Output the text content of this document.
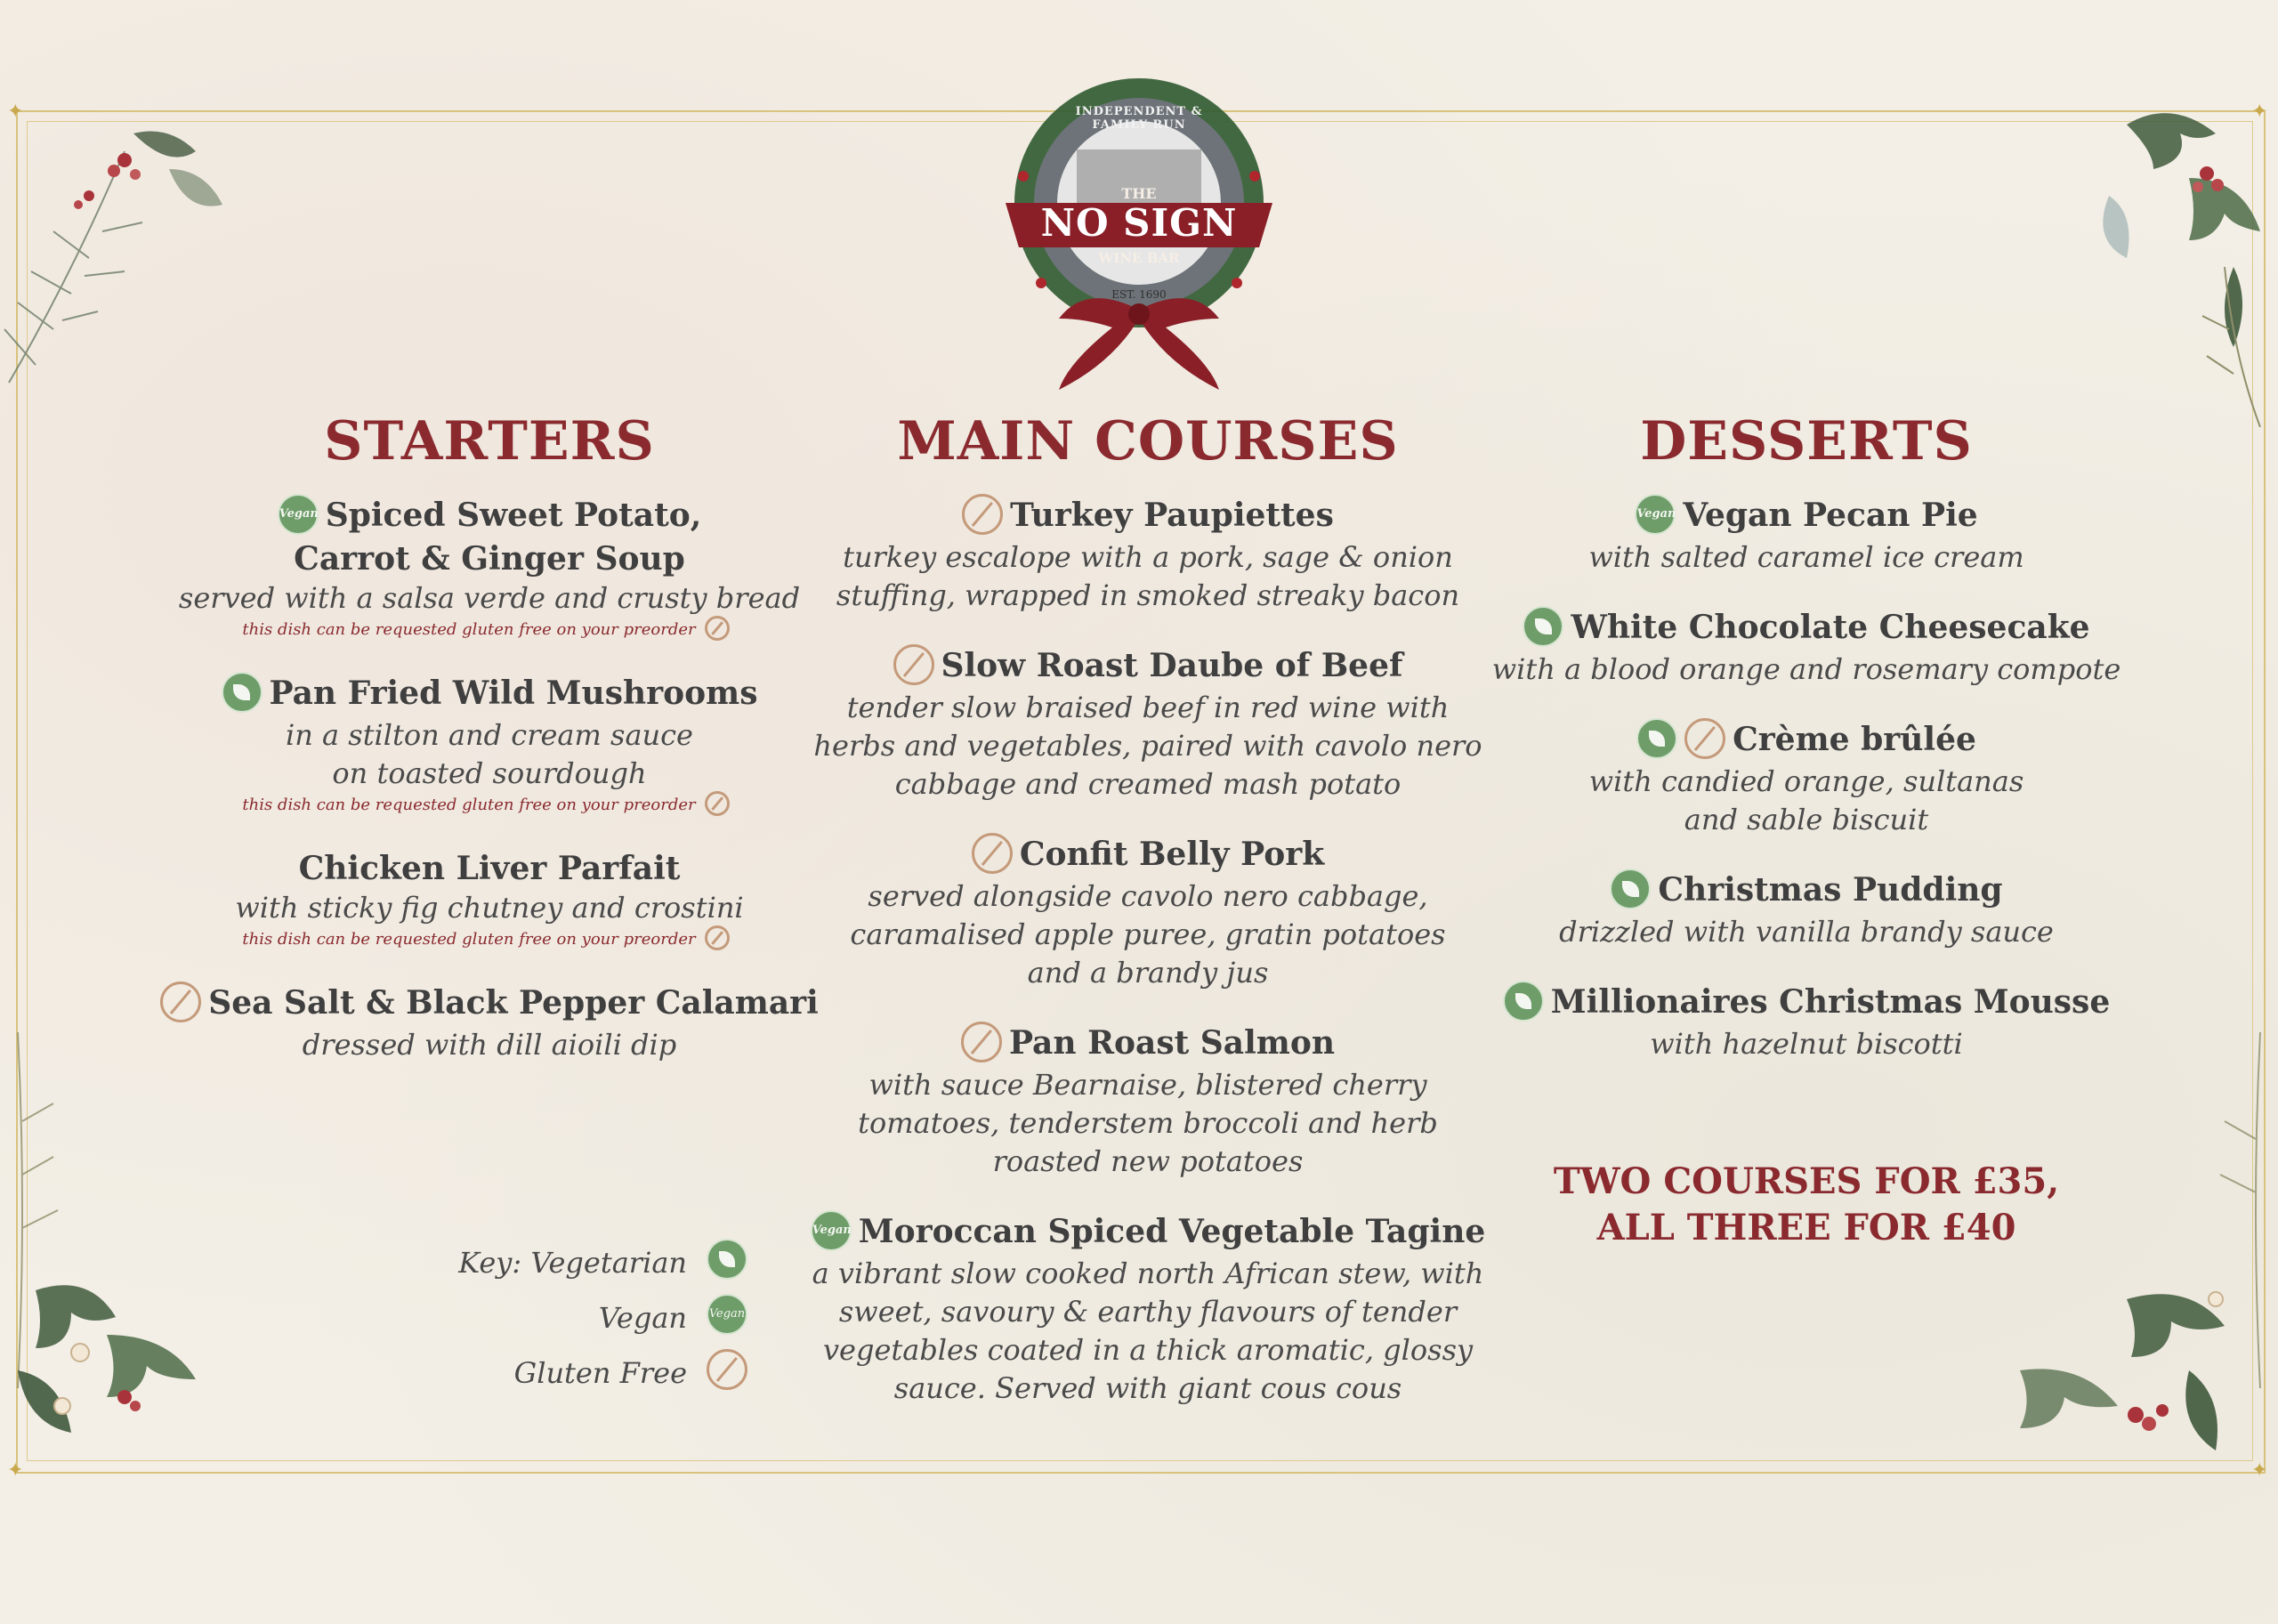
✦	✦
✦	✦
INDEPENDENT & FAMILY RUN
THE
NO SIGN
WINE BAR
EST. 1690
STARTERS
Vegan Spiced Sweet Potato,
Carrot & Ginger Soup
served with a salsa verde and crusty bread
this dish can be requested gluten free on your preorder
Pan Fried Wild Mushrooms
in a stilton and cream sauce
on toasted sourdough
this dish can be requested gluten free on your preorder
Chicken Liver Parfait
with sticky fig chutney and crostini
this dish can be requested gluten free on your preorder
Sea Salt & Black Pepper Calamari
dressed with dill aioili dip
MAIN COURSES
Turkey Paupiettes
turkey escalope with a pork, sage & onion
stuffing, wrapped in smoked streaky bacon
Slow Roast Daube of Beef
tender slow braised beef in red wine with
herbs and vegetables, paired with cavolo nero
cabbage and creamed mash potato
Confit Belly Pork
served alongside cavolo nero cabbage,
caramalised apple puree, gratin potatoes
and a brandy jus
Pan Roast Salmon
with sauce Bearnaise, blistered cherry
tomatoes, tenderstem broccoli and herb
roasted new potatoes
Vegan Moroccan Spiced Vegetable Tagine
a vibrant slow cooked north African stew, with
sweet, savoury & earthy flavours of tender
vegetables coated in a thick aromatic, glossy
sauce. Served with giant cous cous
DESSERTS
Vegan Vegan Pecan Pie
with salted caramel ice cream
White Chocolate Cheesecake
with a blood orange and rosemary compote
Crème brûlée
with candied orange, sultanas
and sable biscuit
Christmas Pudding
drizzled with vanilla brandy sauce
Millionaires Christmas Mousse
with hazelnut biscotti
Key: Vegetarian
Vegan Vegan
Gluten Free
TWO COURSES FOR £35,
ALL THREE FOR £40
